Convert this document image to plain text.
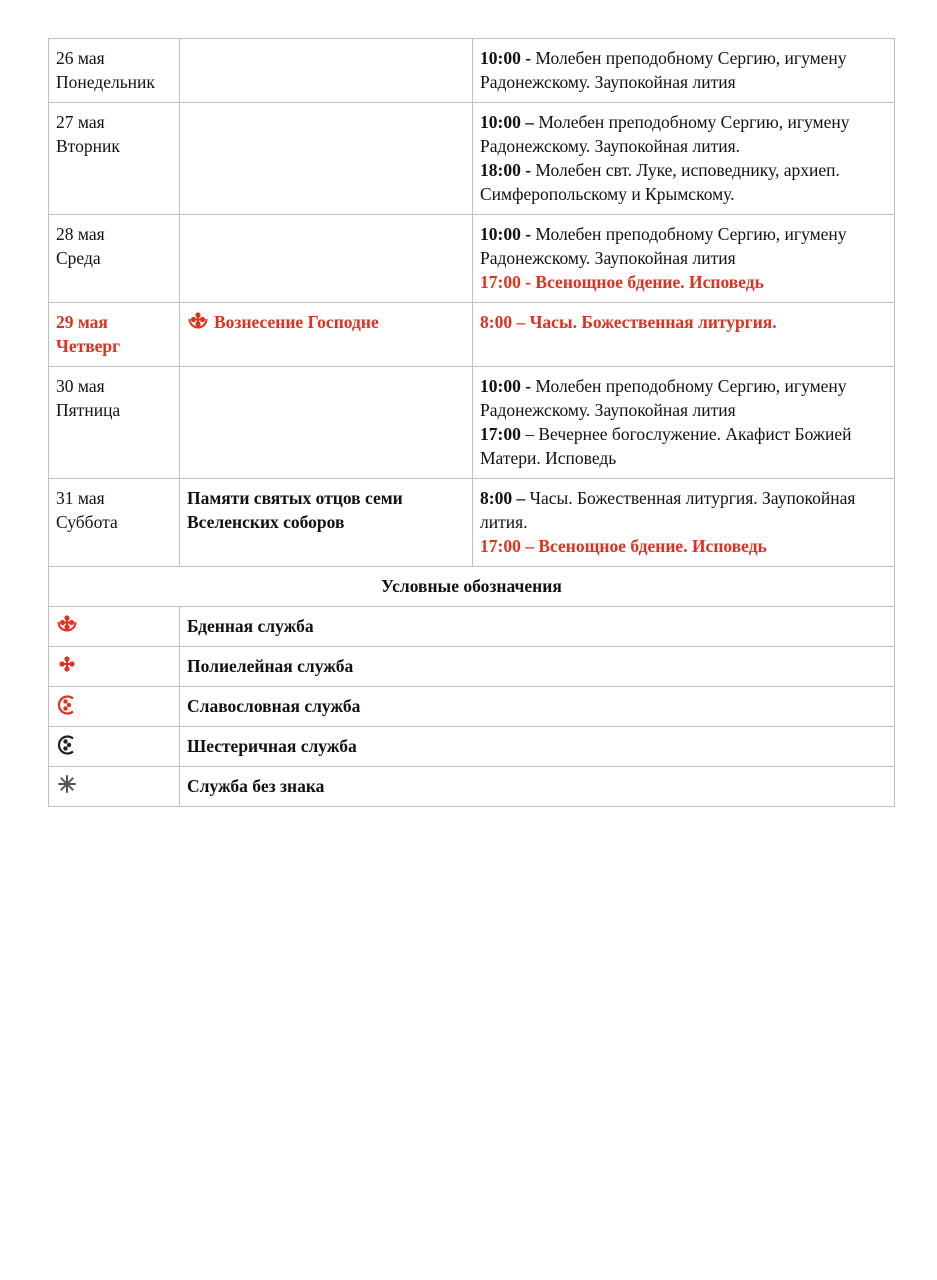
26 мая
Понедельник		10:00 - Молебен преподобному Сергию, игумену Радонежскому. Заупокойная лития

27 мая
Вторник		10:00 – Молебен преподобному Сергию, игумену Радонежскому. Заупокойная лития.
18:00 - Молебен свт. Луке, исповеднику, архиеп. Симферопольскому и Крымскому.

28 мая
Среда		10:00 - Молебен преподобному Сергию, игумену Радонежскому. Заупокойная лития
17:00 - Всенощное бдение. Исповедь

29 мая
Четверг	Вознесение Господне	8:00 – Часы. Божественная литургия.

30 мая
Пятница		10:00 - Молебен преподобному Сергию, игумену Радонежскому. Заупокойная лития
17:00 – Вечернее богослужение. Акафист Божией Матери. Исповедь

31 мая
Суббота	Памяти святых отцов семи Вселенских соборов	8:00 – Часы. Божественная литургия. Заупокойная лития.
17:00 – Всенощное бдение. Исповедь

Условные обозначения		

	Бденная служба	

	Полиелейная служба	

	Славословная служба	

	Шестеричная служба	

	Служба без знака	
